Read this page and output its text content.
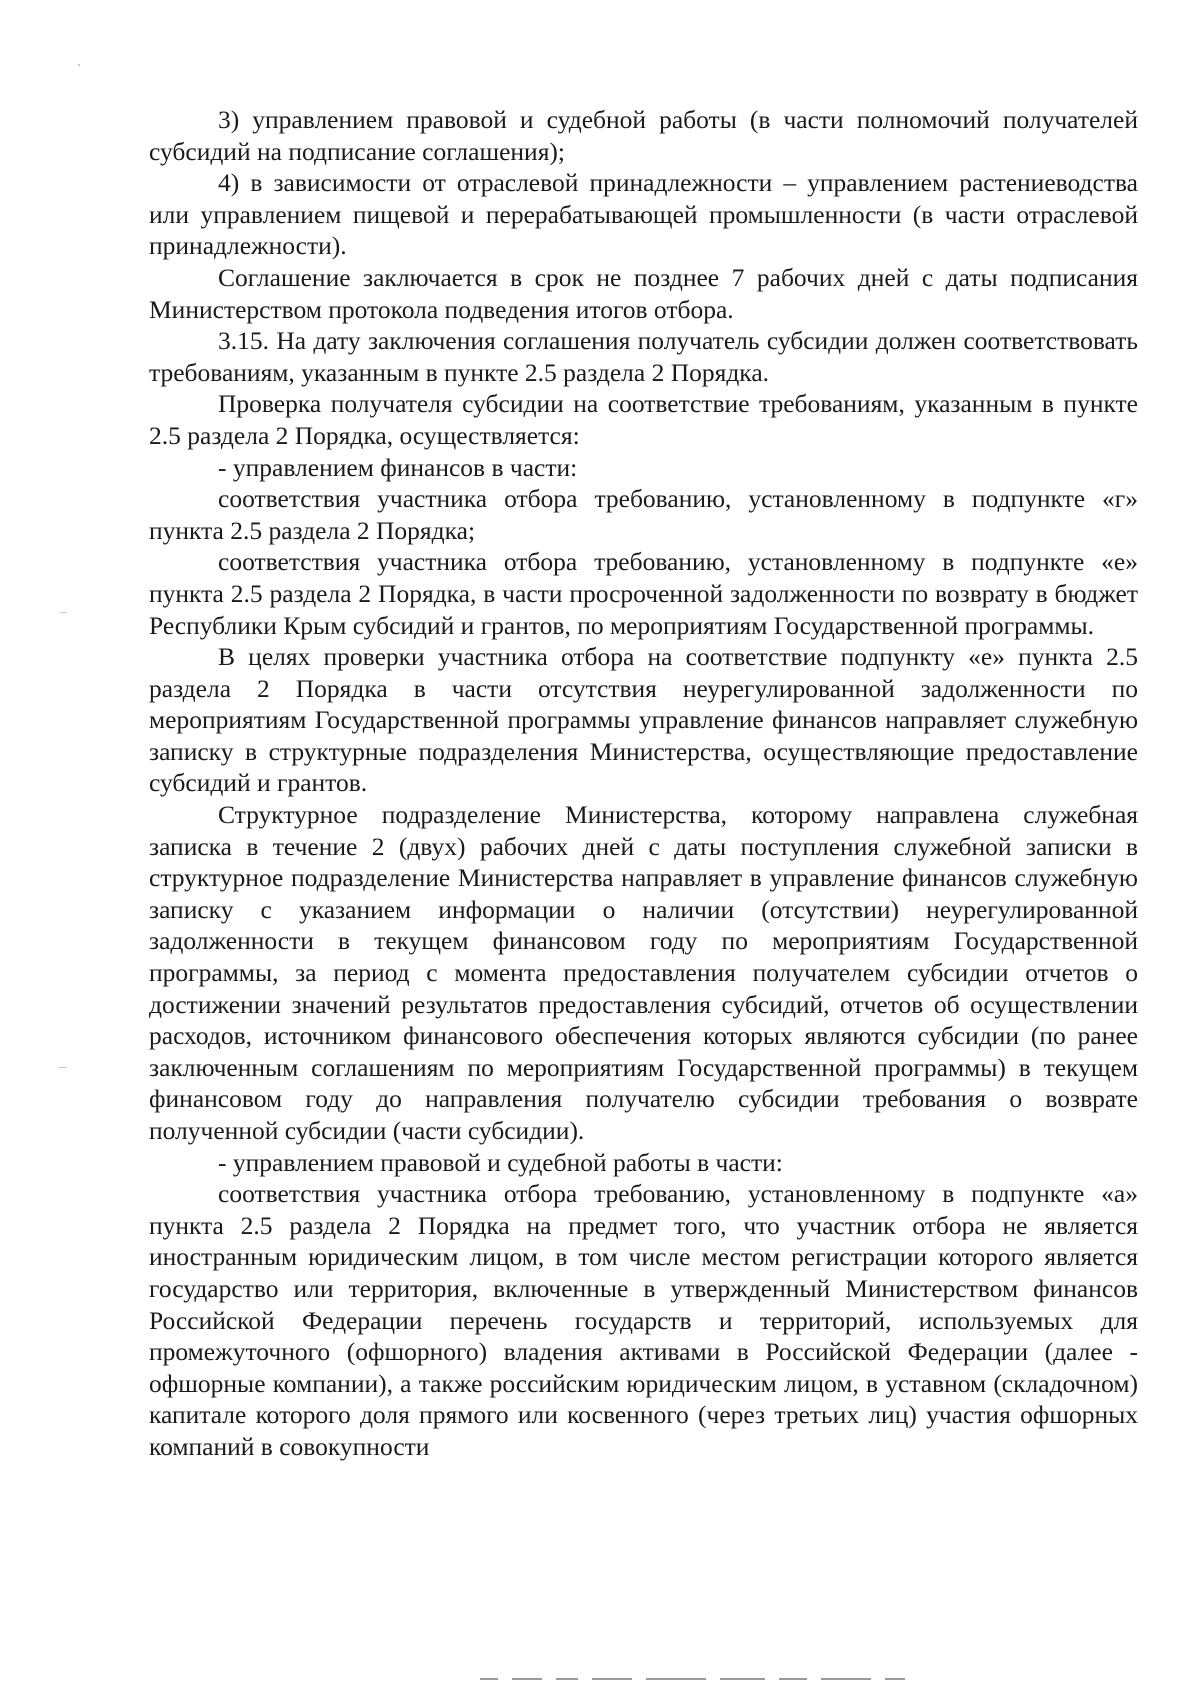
3) управлением правовой и судебной работы (в части полномочий получателей субсидий на подписание соглашения);

4) в зависимости от отраслевой принадлежности – управлением растениеводства или управлением пищевой и перерабатывающей промышленности (в части отраслевой принадлежности).

Соглашение заключается в срок не позднее 7 рабочих дней с даты подписания Министерством протокола подведения итогов отбора.

3.15. На дату заключения соглашения получатель субсидии должен соответствовать требованиям, указанным в пункте 2.5 раздела 2 Порядка.

Проверка получателя субсидии на соответствие требованиям, указанным в пункте 2.5 раздела 2 Порядка, осуществляется:

- управлением финансов в части:

соответствия участника отбора требованию, установленному в подпункте «г» пункта 2.5 раздела 2 Порядка;

соответствия участника отбора требованию, установленному в подпункте «е» пункта 2.5 раздела 2 Порядка, в части просроченной задолженности по возврату в бюджет Республики Крым субсидий и грантов, по мероприятиям Государственной программы.

В целях проверки участника отбора на соответствие подпункту «е» пункта 2.5 раздела 2 Порядка в части отсутствия неурегулированной задолженности по мероприятиям Государственной программы управление финансов направляет служебную записку в структурные подразделения Министерства, осуществляющие предоставление субсидий и грантов.

Структурное подразделение Министерства, которому направлена служебная записка в течение 2 (двух) рабочих дней с даты поступления служебной записки в структурное подразделение Министерства направляет в управление финансов служебную записку с указанием информации о наличии (отсутствии) неурегулированной задолженности в текущем финансовом году по мероприятиям Государственной программы, за период с момента предоставления получателем субсидии отчетов о достижении значений результатов предоставления субсидий, отчетов об осуществлении расходов, источником финансового обеспечения которых являются субсидии (по ранее заключенным соглашениям по мероприятиям Государственной программы) в текущем финансовом году до направления получателю субсидии требования о возврате полученной субсидии (части субсидии).

- управлением правовой и судебной работы в части:

соответствия участника отбора требованию, установленному в подпункте «а» пункта 2.5 раздела 2 Порядка на предмет того, что участник отбора не является иностранным юридическим лицом, в том числе местом регистрации которого является государство или территория, включенные в утвержденный Министерством финансов Российской Федерации перечень государств и территорий, используемых для промежуточного (офшорного) владения активами в Российской Федерации (далее - офшорные компании), а также российским юридическим лицом, в уставном (складочном) капитале которого доля прямого или косвенного (через третьих лиц) участия офшорных компаний в совокупности
